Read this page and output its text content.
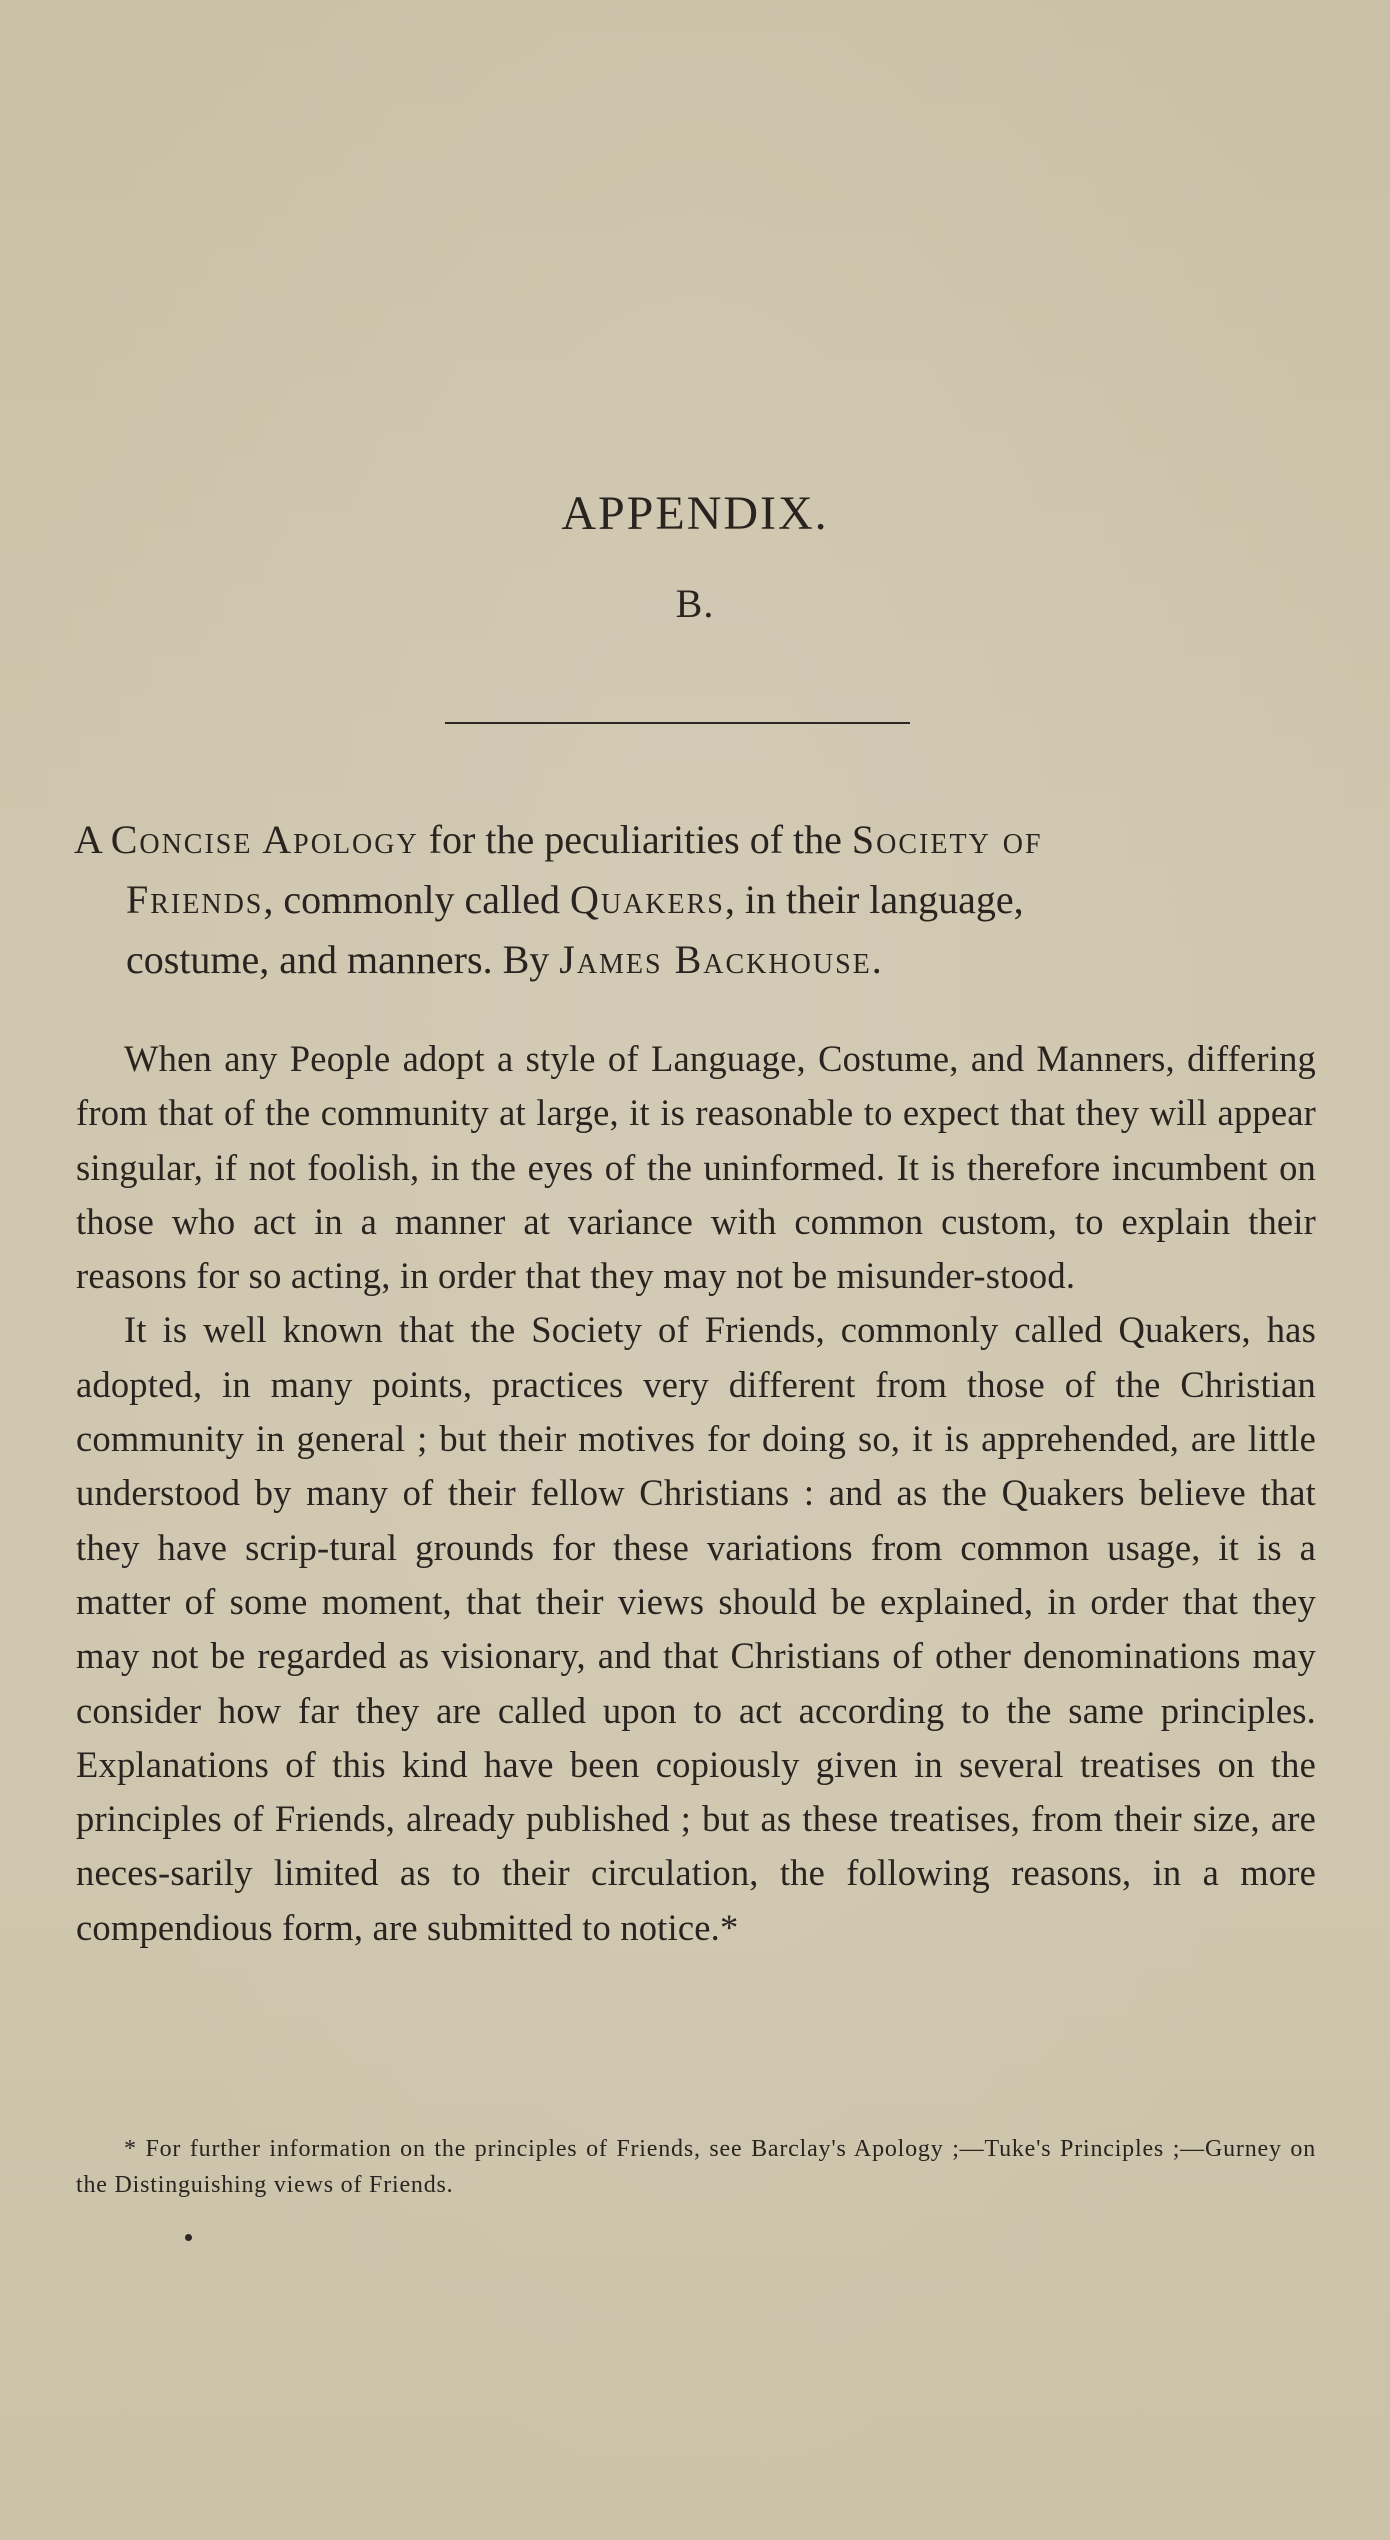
APPENDIX.
B.
A Concise Apology for the peculiarities of the Society of
Friends, commonly called Quakers, in their language,
costume, and manners. By James Backhouse.

When any People adopt a style of Language, Costume, and Manners, differing from that of the community at large, it is reasonable to expect that they will appear singular, if not foolish, in the eyes of the uninformed. It is therefore incumbent on those who act in a manner at variance with common custom, to explain their reasons for so acting, in order that they may not be misunder-stood.

It is well known that the Society of Friends, commonly called Quakers, has adopted, in many points, practices very different from those of the Christian community in general ; but their motives for doing so, it is apprehended, are little understood by many of their fellow Christians : and as the Quakers believe that they have scrip-tural grounds for these variations from common usage, it is a matter of some moment, that their views should be explained, in order that they may not be regarded as visionary, and that Christians of other denominations may consider how far they are called upon to act according to the same principles. Explanations of this kind have been copiously given in several treatises on the principles of Friends, already published ; but as these treatises, from their size, are neces-sarily limited as to their circulation, the following reasons, in a more compendious form, are submitted to notice.*

* For further information on the principles of Friends, see Barclay's Apology ;—Tuke's Principles ;—Gurney on the Distinguishing views of Friends.
